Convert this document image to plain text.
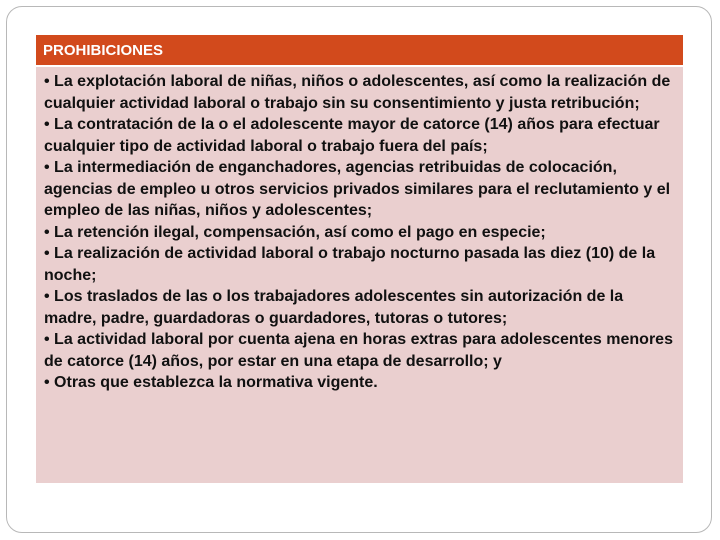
PROHIBICIONES

• La explotación laboral de niñas, niños o adolescentes, así como la realización de cualquier actividad laboral o trabajo sin su consentimiento y justa retribución;

• La contratación de la o el adolescente mayor de catorce (14) años para efectuar cualquier tipo de actividad laboral o trabajo fuera del país;

• La intermediación de enganchadores, agencias retribuidas de colocación, agencias de empleo u otros servicios privados similares para el reclutamiento y el empleo de las niñas, niños y adolescentes;

• La retención ilegal, compensación, así como el pago en especie;

• La realización de actividad laboral o trabajo nocturno pasada las diez (10) de la noche;

• Los traslados de las o los trabajadores adolescentes sin autorización de la madre, padre, guardadoras o guardadores, tutoras o tutores;

• La actividad laboral por cuenta ajena en horas extras para adolescentes menores de catorce (14) años, por estar en una etapa de desarrollo; y

• Otras que establezca la normativa vigente.
